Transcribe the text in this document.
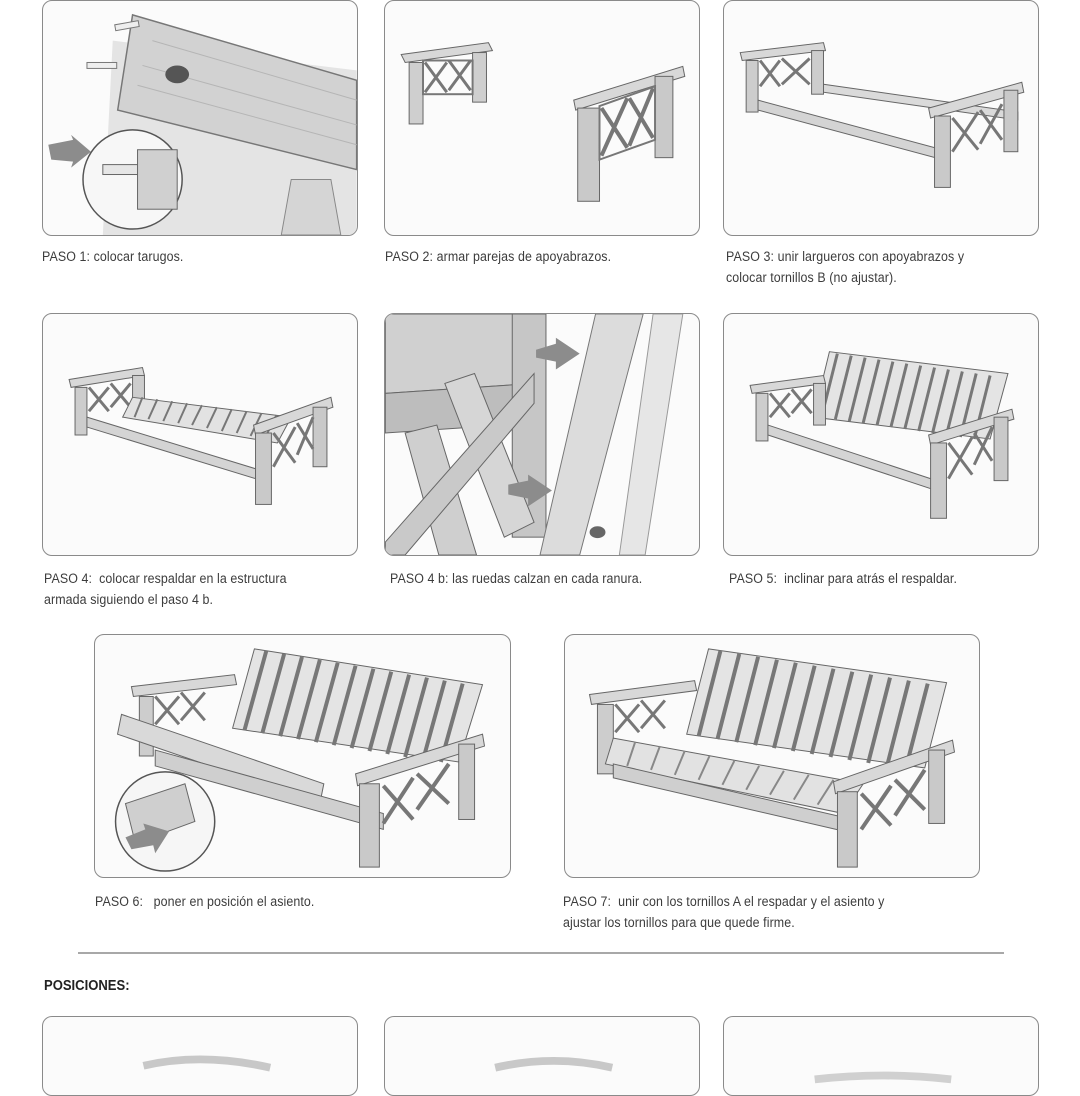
PASO 1: colocar tarugos.	PASO 2: armar parejas de apoyabrazos.	PASO 3: unir largueros con apoyabrazos y
colocar tornillos B (no ajustar).
PASO 4:  colocar respaldar en la estructura
armada siguiendo el paso 4 b.
PASO 4 b: las ruedas calzan en cada ranura.	PASO 5:  inclinar para atrás el respaldar.
PASO 6:   poner en posición el asiento.	PASO 7:  unir con los tornillos A el respadar y el asiento y
ajustar los tornillos para que quede firme.
POSICIONES:
